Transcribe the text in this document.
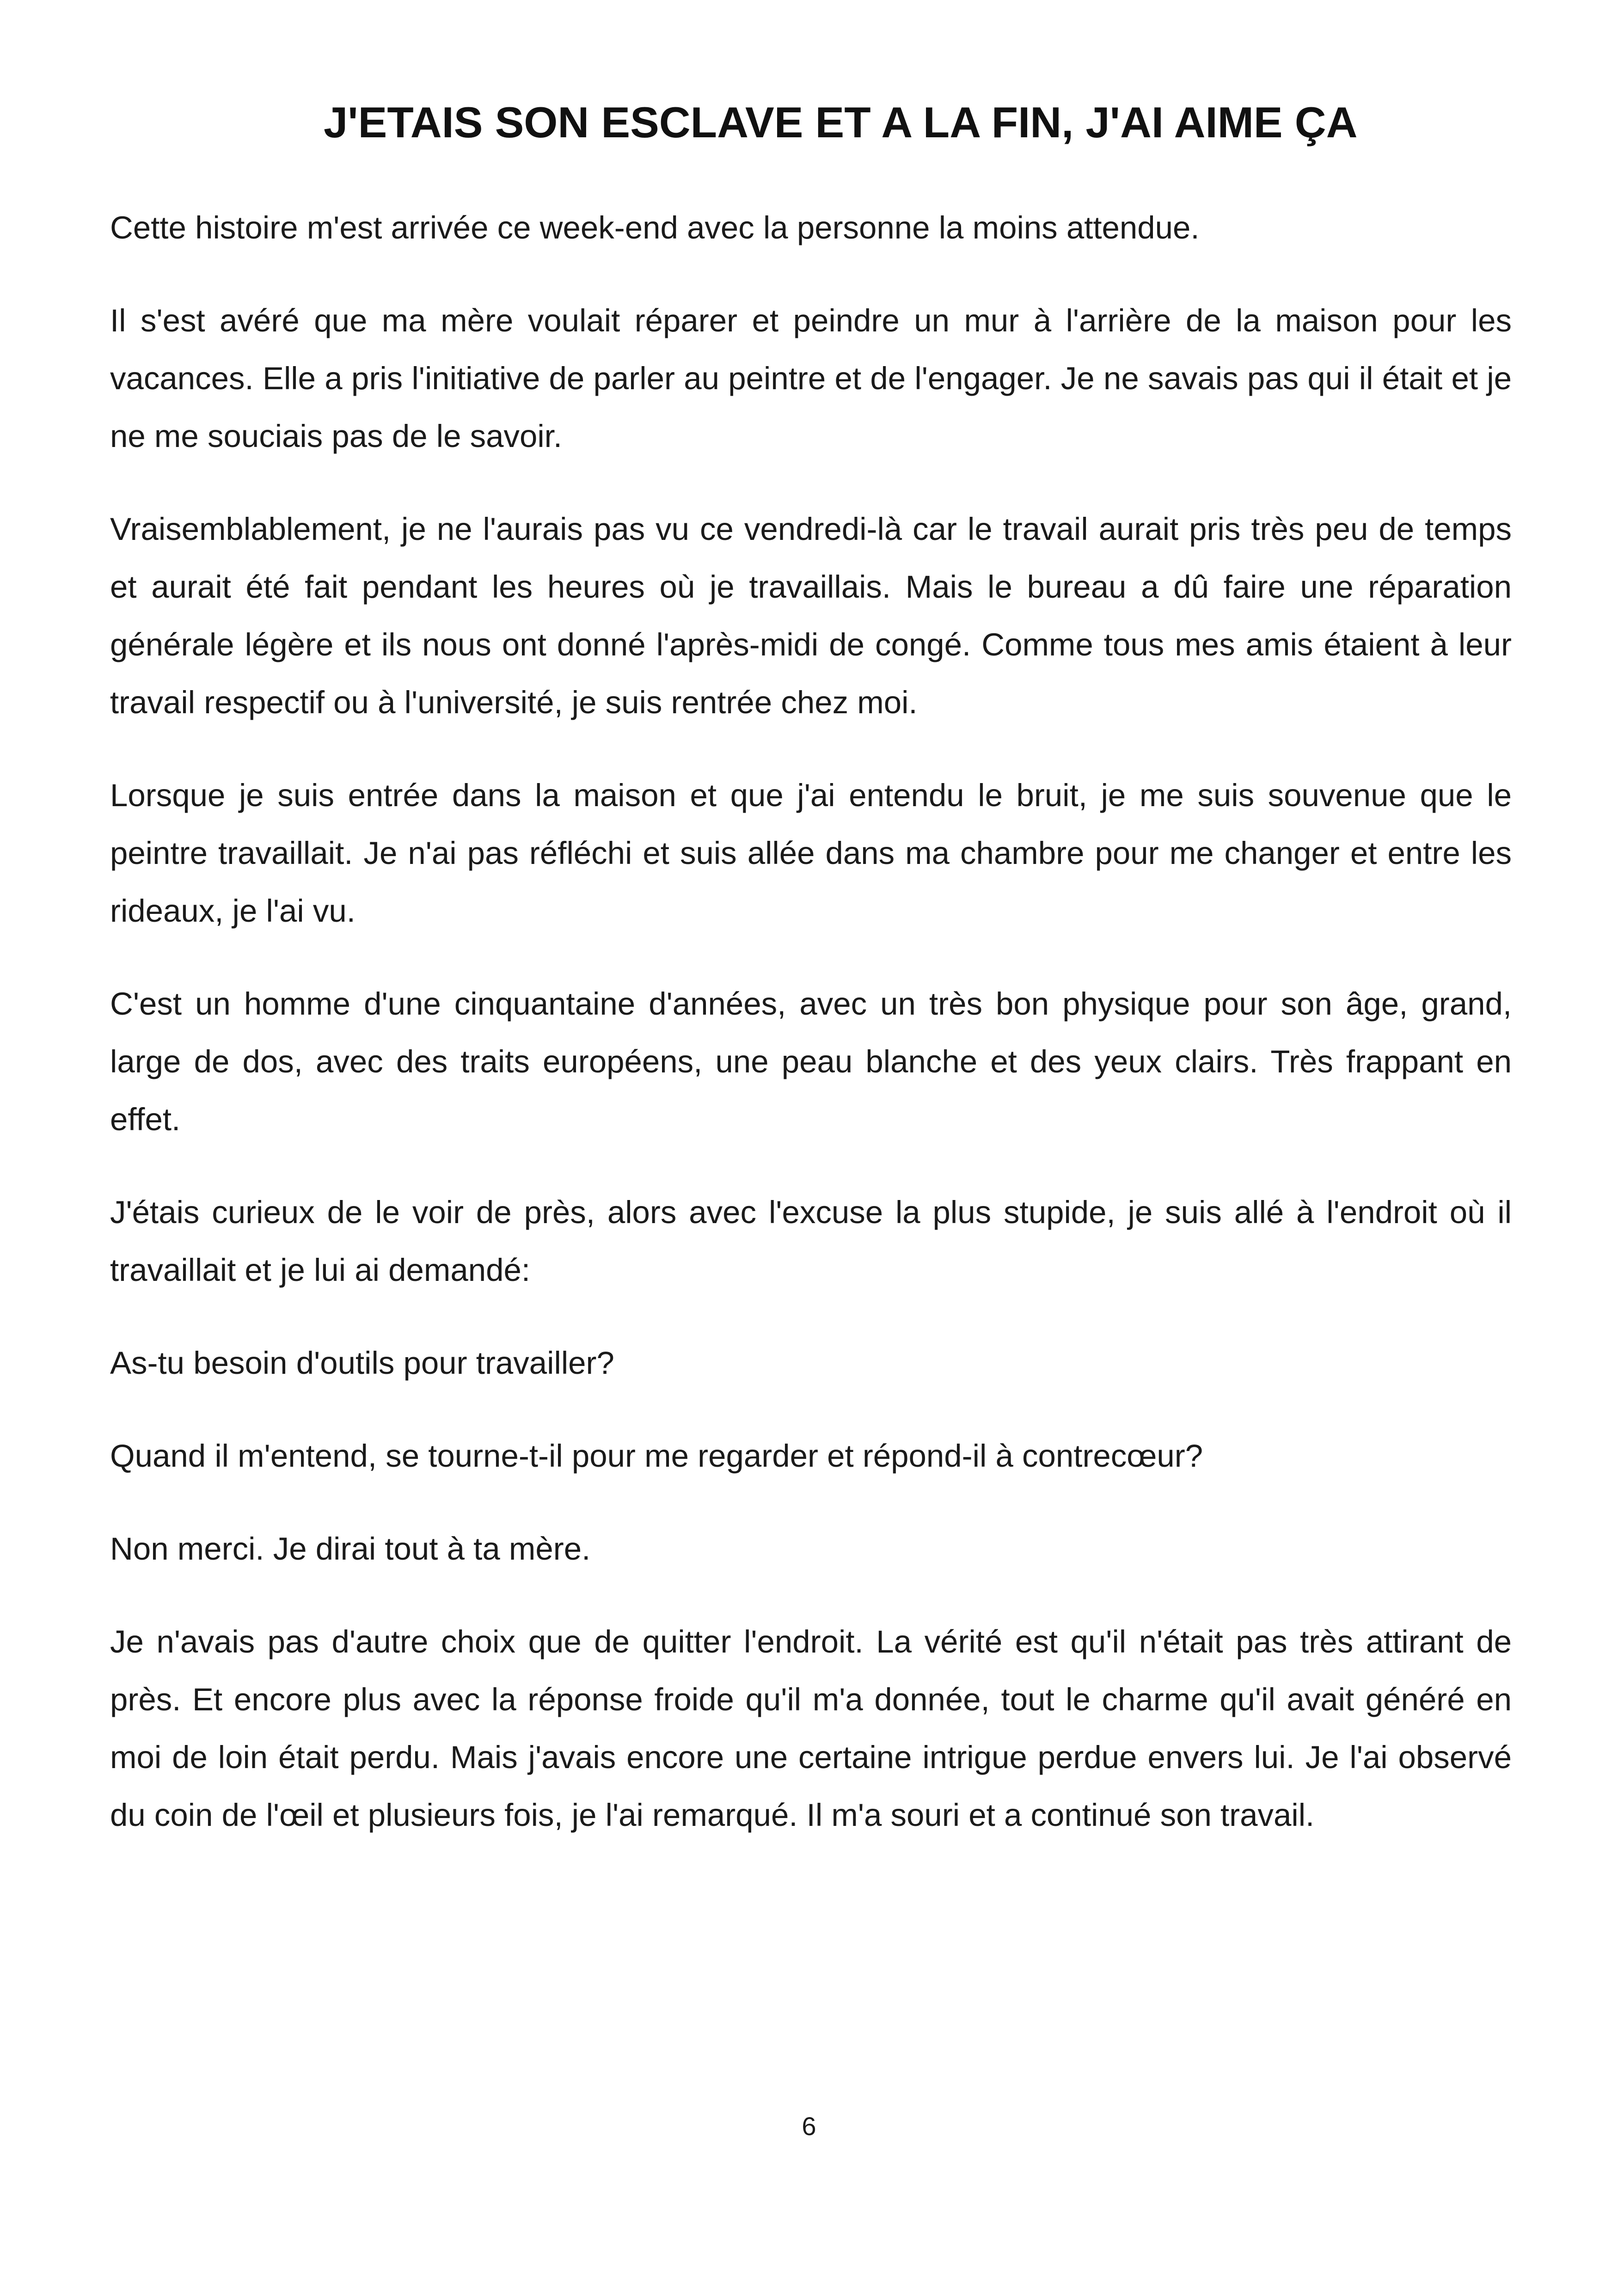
J'ETAIS SON ESCLAVE ET A LA FIN, J'AI AIME ÇA

Cette histoire m'est arrivée ce week-end avec la personne la moins attendue.

Il s'est avéré que ma mère voulait réparer et peindre un mur à l'arrière de la maison pour les vacances. Elle a pris l'initiative de parler au peintre et de l'engager. Je ne savais pas qui il était et je ne me souciais pas de le savoir.

Vraisemblablement, je ne l'aurais pas vu ce vendredi-là car le travail aurait pris très peu de temps et aurait été fait pendant les heures où je travaillais. Mais le bureau a dû faire une réparation générale légère et ils nous ont donné l'après-midi de congé. Comme tous mes amis étaient à leur travail respectif ou à l'université, je suis rentrée chez moi.

Lorsque je suis entrée dans la maison et que j'ai entendu le bruit, je me suis souvenue que le peintre travaillait. Je n'ai pas réfléchi et suis allée dans ma chambre pour me changer et entre les rideaux, je l'ai vu.

C'est un homme d'une cinquantaine d'années, avec un très bon physique pour son âge, grand, large de dos, avec des traits européens, une peau blanche et des yeux clairs. Très frappant en effet.

J'étais curieux de le voir de près, alors avec l'excuse la plus stupide, je suis allé à l'endroit où il travaillait et je lui ai demandé:

As-tu besoin d'outils pour travailler?

Quand il m'entend, se tourne-t-il pour me regarder et répond-il à contrecœur?

Non merci. Je dirai tout à ta mère.

Je n'avais pas d'autre choix que de quitter l'endroit. La vérité est qu'il n'était pas très attirant de près. Et encore plus avec la réponse froide qu'il m'a donnée, tout le charme qu'il avait généré en moi de loin était perdu. Mais j'avais encore une certaine intrigue perdue envers lui. Je l'ai observé du coin de l'œil et plusieurs fois, je l'ai remarqué. Il m'a souri et a continué son travail.

6
